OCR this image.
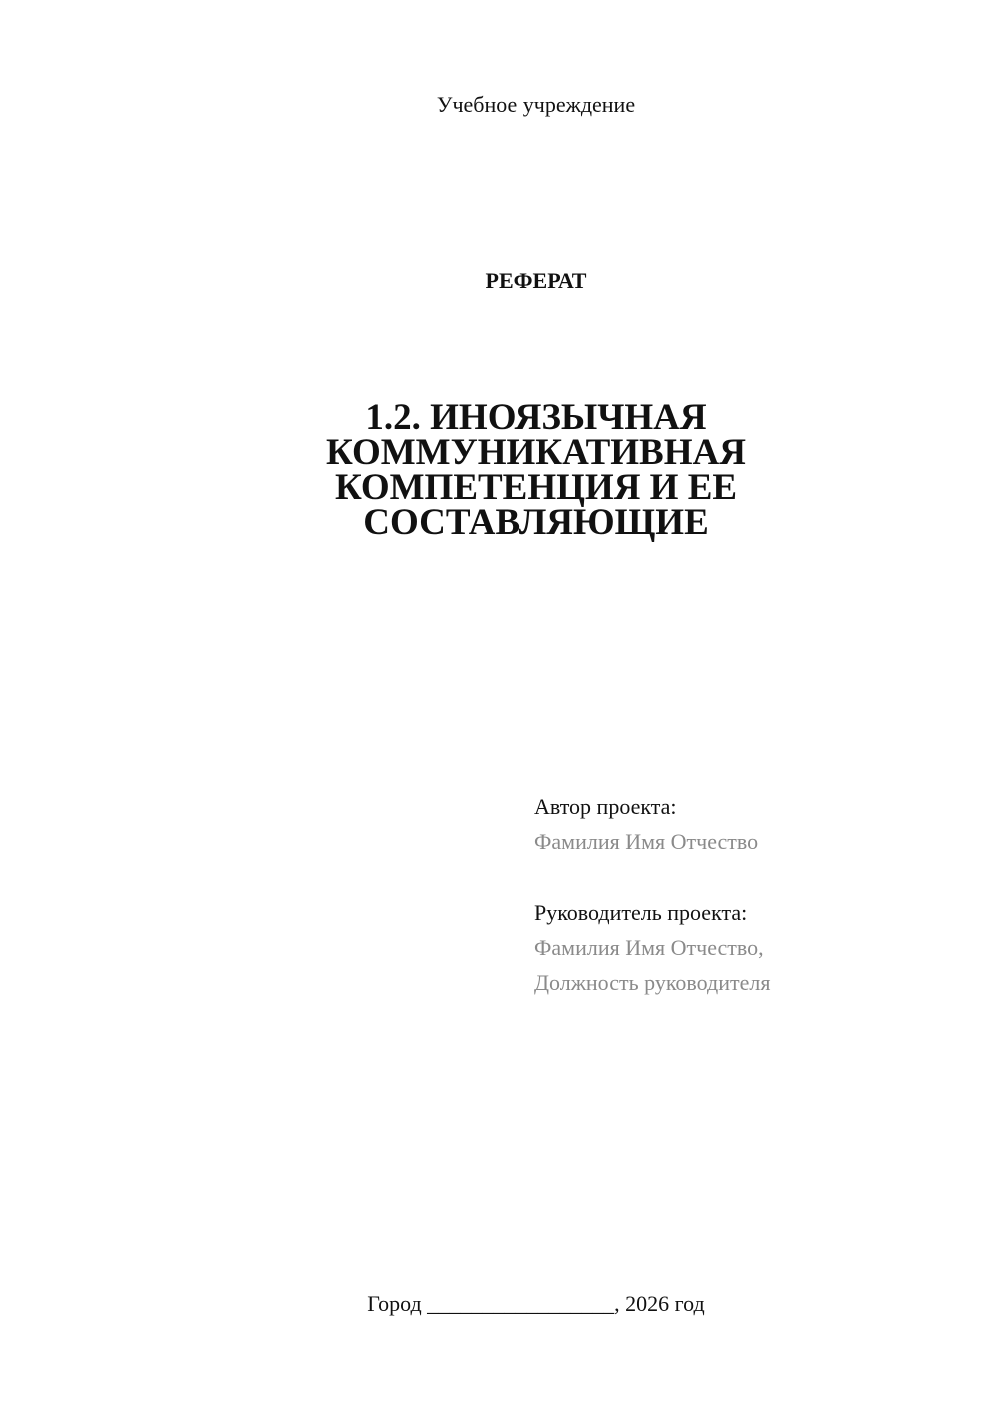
Учебное учреждение
РЕФЕРАТ
1.2. ИНОЯЗЫЧНАЯ
КОММУНИКАТИВНАЯ
КОМПЕТЕНЦИЯ И ЕЕ
СОСТАВЛЯЮЩИЕ
Автор проекта:
Фамилия Имя Отчество
Руководитель проекта:
Фамилия Имя Отчество,
Должность руководителя
Город _________________, 2026 год
